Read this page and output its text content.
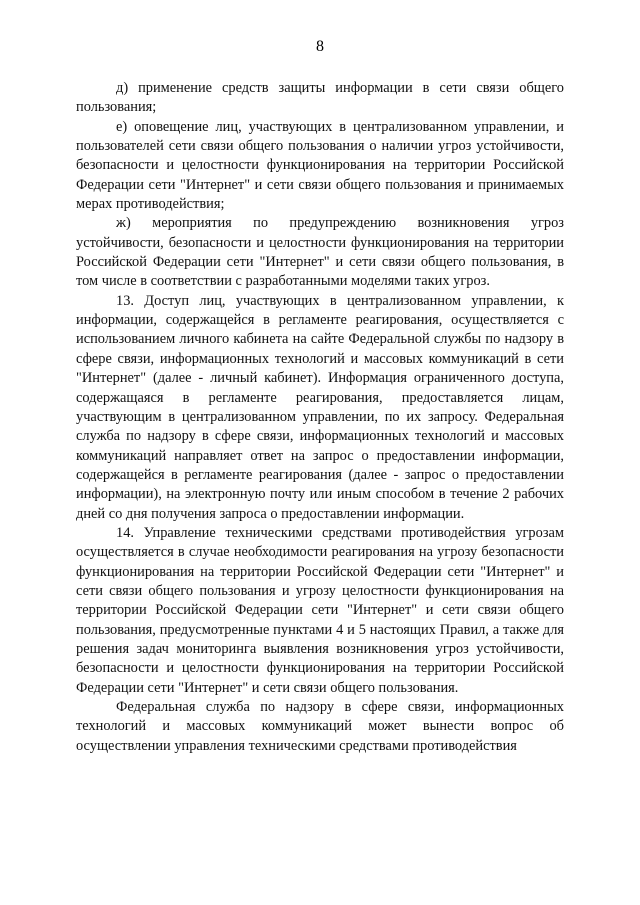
8

д) применение средств защиты информации в сети связи общего пользования;

е) оповещение лиц, участвующих в централизованном управлении, и пользователей сети связи общего пользования о наличии угроз устойчивости, безопасности и целостности функционирования на территории Российской Федерации сети "Интернет" и сети связи общего пользования и принимаемых мерах противодействия;

ж) мероприятия по предупреждению возникновения угроз устойчивости, безопасности и целостности функционирования на территории Российской Федерации сети "Интернет" и сети связи общего пользования, в том числе в соответствии с разработанными моделями таких угроз.

13. Доступ лиц, участвующих в централизованном управлении, к информации, содержащейся в регламенте реагирования, осуществляется с использованием личного кабинета на сайте Федеральной службы по надзору в сфере связи, информационных технологий и массовых коммуникаций в сети "Интернет" (далее - личный кабинет). Информация ограниченного доступа, содержащаяся в регламенте реагирования, предоставляется лицам, участвующим в централизованном управлении, по их запросу. Федеральная служба по надзору в сфере связи, информационных технологий и массовых коммуникаций направляет ответ на запрос о предоставлении информации, содержащейся в регламенте реагирования (далее - запрос о предоставлении информации), на электронную почту или иным способом в течение 2 рабочих дней со дня получения запроса о предоставлении информации.

14. Управление техническими средствами противодействия угрозам осуществляется в случае необходимости реагирования на угрозу безопасности функционирования на территории Российской Федерации сети "Интернет" и сети связи общего пользования и угрозу целостности функционирования на территории Российской Федерации сети "Интернет" и сети связи общего пользования, предусмотренные пунктами 4 и 5 настоящих Правил, а также для решения задач мониторинга выявления возникновения угроз устойчивости, безопасности и целостности функционирования на территории Российской Федерации сети "Интернет" и сети связи общего пользования.

Федеральная служба по надзору в сфере связи, информационных технологий и массовых коммуникаций может вынести вопрос об осуществлении управления техническими средствами противодействия
